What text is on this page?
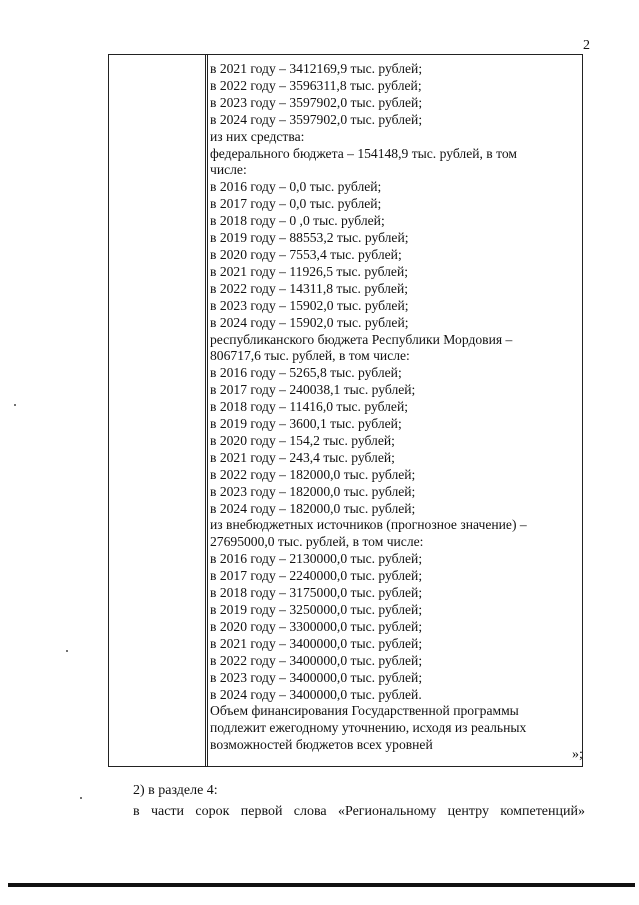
2
в 2021 году – 3412169,9 тыс. рублей;
в 2022 году – 3596311,8 тыс. рублей;
в 2023 году – 3597902,0 тыс. рублей;
в 2024 году – 3597902,0 тыс. рублей;
из них средства:
федерального бюджета – 154148,9 тыс. рублей, в том
числе:
в 2016 году – 0,0 тыс. рублей;
в 2017 году – 0,0 тыс. рублей;
в 2018 году – 0 ,0 тыс. рублей;
в 2019 году – 88553,2 тыс. рублей;
в 2020 году – 7553,4 тыс. рублей;
в 2021 году – 11926,5 тыс. рублей;
в 2022 году – 14311,8 тыс. рублей;
в 2023 году – 15902,0 тыс. рублей;
в 2024 году – 15902,0 тыс. рублей;
республиканского бюджета Республики Мордовия –
806717,6 тыс. рублей, в том числе:
в 2016 году – 5265,8 тыс. рублей;
в 2017 году – 240038,1 тыс. рублей;
в 2018 году – 11416,0 тыс. рублей;
в 2019 году – 3600,1 тыс. рублей;
в 2020 году – 154,2 тыс. рублей;
в 2021 году – 243,4 тыс. рублей;
в 2022 году – 182000,0 тыс. рублей;
в 2023 году – 182000,0 тыс. рублей;
в 2024 году – 182000,0 тыс. рублей;
из внебюджетных источников (прогнозное значение) –
27695000,0 тыс. рублей, в том числе:
в 2016 году – 2130000,0 тыс. рублей;
в 2017 году – 2240000,0 тыс. рублей;
в 2018 году – 3175000,0 тыс. рублей;
в 2019 году – 3250000,0 тыс. рублей;
в 2020 году – 3300000,0 тыс. рублей;
в 2021 году – 3400000,0 тыс. рублей;
в 2022 году – 3400000,0 тыс. рублей;
в 2023 году – 3400000,0 тыс. рублей;
в 2024 году – 3400000,0 тыс. рублей.
Объем финансирования Государственной программы
подлежит ежегодному уточнению, исходя из реальных
возможностей бюджетов всех уровней
»;
2) в разделе 4:
в части сорок первой слова «Региональному центру компетенций»
